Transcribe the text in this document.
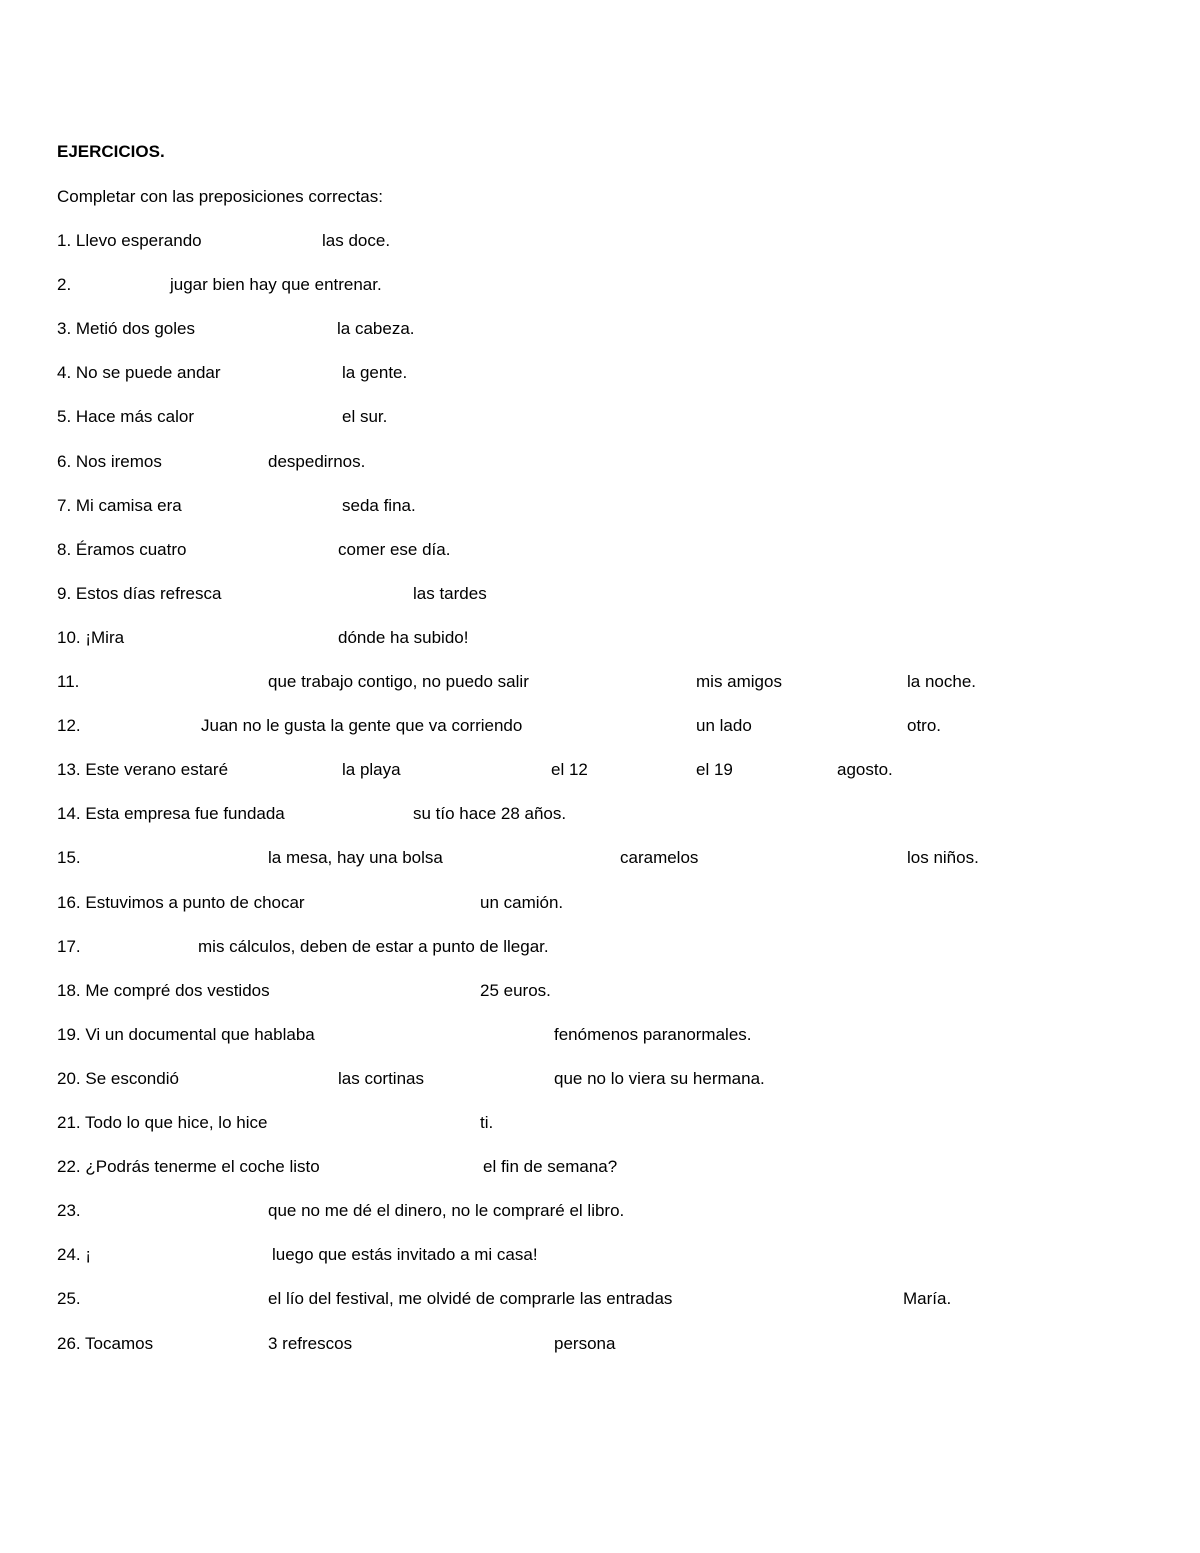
EJERCICIOS.
Completar con las preposiciones correctas:
1. Llevo esperando	las doce.
2.	jugar bien hay que entrenar.
3. Metió dos goles	la cabeza.
4. No se puede andar	la gente.
5. Hace más calor	el sur.
6. Nos iremos	despedirnos.
7. Mi camisa era	seda fina.
8. Éramos cuatro	comer ese día.
9. Estos días refresca	las tardes
10. ¡Mira	dónde ha subido!
11.	que trabajo contigo, no puedo salir	mis amigos	la noche.
12.	Juan no le gusta la gente que va corriendo	un lado	otro.
13. Este verano estaré	la playa	el 12	el 19	agosto.
14. Esta empresa fue fundada	su tío hace 28 años.
15.	la mesa, hay una bolsa	caramelos	los niños.
16. Estuvimos a punto de chocar	un camión.
17.	mis cálculos, deben de estar a punto de llegar.
18. Me compré dos vestidos	25 euros.
19. Vi un documental que hablaba	fenómenos paranormales.
20. Se escondió	las cortinas	que no lo viera su hermana.
21. Todo lo que hice, lo hice	ti.
22. ¿Podrás tenerme el coche listo	el fin de semana?
23.	que no me dé el dinero, no le compraré el libro.
24. ¡	luego que estás invitado a mi casa!
25.	el lío del festival, me olvidé de comprarle las entradas	María.
26. Tocamos	3 refrescos	persona
